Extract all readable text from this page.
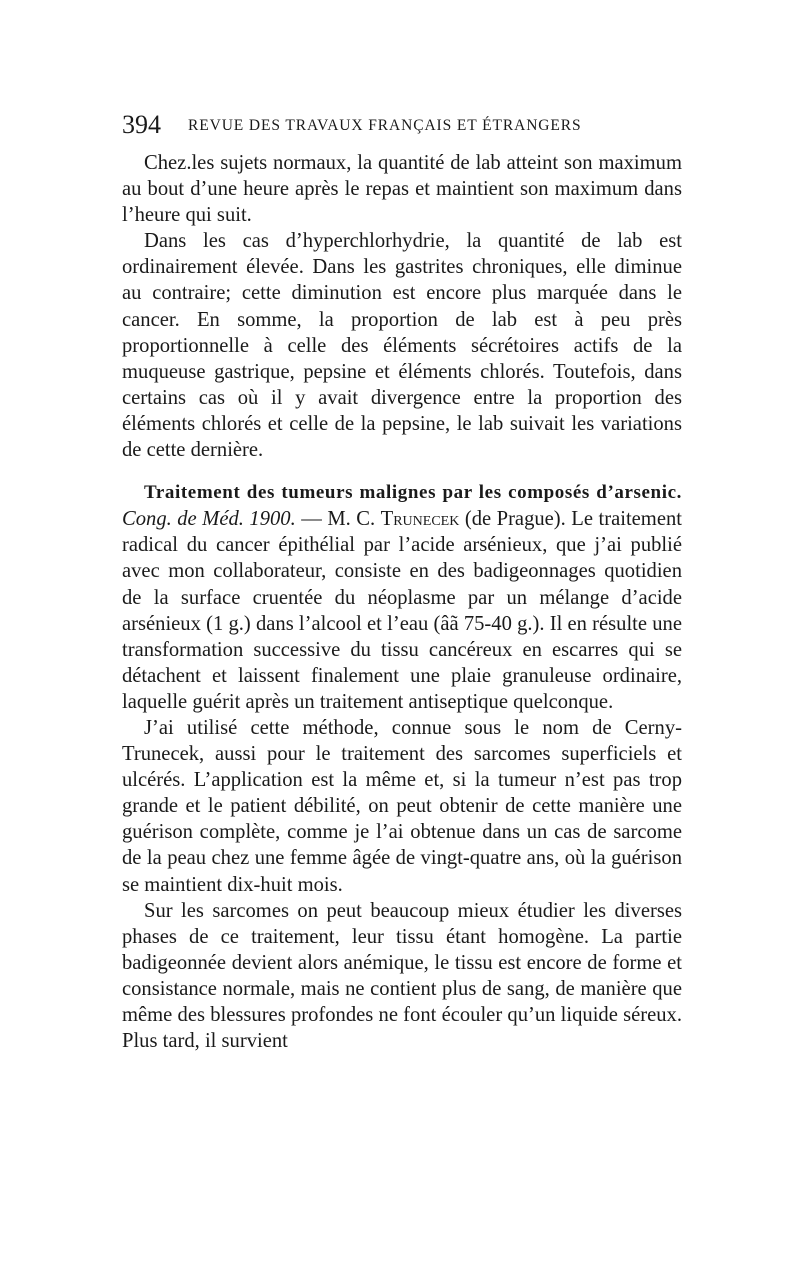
394 REVUE DES TRAVAUX FRANÇAIS ET ÉTRANGERS

Chez.les sujets normaux, la quantité de lab atteint son maximum au bout d’une heure après le repas et maintient son maximum dans l’heure qui suit.

Dans les cas d’hyperchlorhydrie, la quantité de lab est ordinairement élevée. Dans les gastrites chroniques, elle diminue au contraire; cette diminution est encore plus marquée dans le cancer. En somme, la proportion de lab est à peu près proportionnelle à celle des éléments sécrétoires actifs de la muqueuse gastrique, pepsine et éléments chlorés. Toutefois, dans certains cas où il y avait divergence entre la proportion des éléments chlorés et celle de la pepsine, le lab suivait les variations de cette dernière.

Traitement des tumeurs malignes par les composés d’arsenic. Cong. de Méd. 1900. — M. C. Trunecek (de Prague). Le traitement radical du cancer épithélial par l’acide arsénieux, que j’ai publié avec mon collaborateur, consiste en des badigeonnages quotidien de la surface cruentée du néoplasme par un mélange d’acide arsénieux (1 g.) dans l’alcool et l’eau (âã 75-40 g.). Il en résulte une transformation successive du tissu cancéreux en escarres qui se détachent et laissent finalement une plaie granuleuse ordinaire, laquelle guérit après un traitement antiseptique quelconque.

J’ai utilisé cette méthode, connue sous le nom de Cerny-Trunecek, aussi pour le traitement des sarcomes superficiels et ulcérés. L’application est la même et, si la tumeur n’est pas trop grande et le patient débilité, on peut obtenir de cette manière une guérison complète, comme je l’ai obtenue dans un cas de sarcome de la peau chez une femme âgée de vingt-quatre ans, où la guérison se maintient dix-huit mois.

Sur les sarcomes on peut beaucoup mieux étudier les diverses phases de ce traitement, leur tissu étant homogène. La partie badigeonnée devient alors anémique, le tissu est encore de forme et consistance normale, mais ne contient plus de sang, de manière que même des blessures profondes ne font écouler qu’un liquide séreux. Plus tard, il survient
